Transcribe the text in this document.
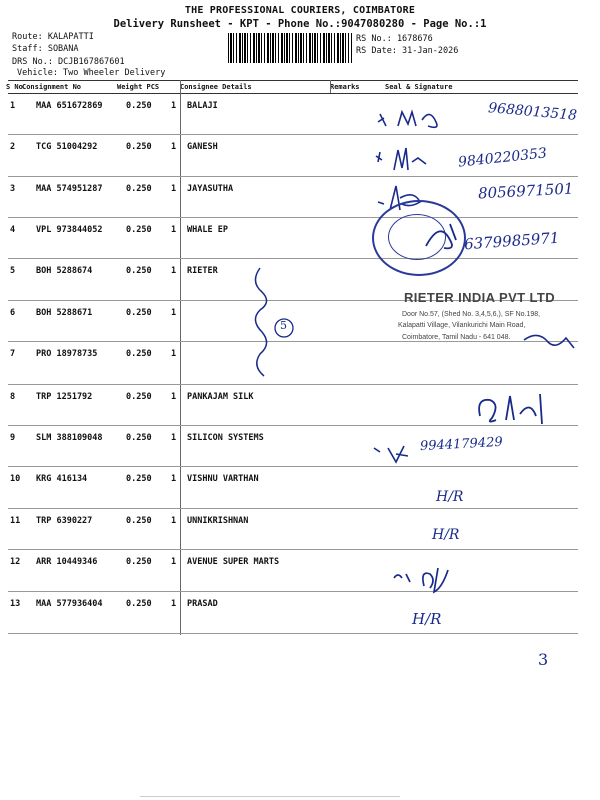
THE PROFESSIONAL COURIERS, COIMBATORE
Delivery Runsheet - KPT - Phone No.:9047080280 - Page No.:1
Route: KALAPATTI
Staff: SOBANA
DRS No.: DCJB167867601
Vehicle: Two Wheeler Delivery
RS No.: 1678676
RS Date: 31-Jan-2026
S No Consignment No	Weight PCS	Consignee Details	Remarks	Seal & Signature
1 MAA 651672869	0.250 1 BALAJI
2 TCG 51004292	0.250 1 GANESH
3 MAA 574951287	0.250 1 JAYASUTHA
4 VPL 973844052	0.250 1 WHALE EP
5 BOH 5288674	0.250 1 RIETER
6 BOH 5288671	0.250 1
7 PRO 18978735	0.250 1
8 TRP 1251792	0.250 1 PANKAJAM SILK
9 SLM 388109048	0.250 1 SILICON SYSTEMS
10 KRG 416134	0.250 1 VISHNU VARTHAN
11 TRP 6390227	0.250 1 UNNIKRISHNAN
12 ARR 10449346	0.250 1 AVENUE SUPER MARTS
13 MAA 577936404	0.250 1 PRASAD
9688013518
9840220353
8056971501
6379985971
9944179429
H/R
H/R
H/R
5
RIETER INDIA PVT LTD
Door No.57, (Shed No. 3,4,5,6,), SF No.198,
Kalapatti Village, Vilankurichi Main Road,
Coimbatore, Tamil Nadu - 641 048.
3
